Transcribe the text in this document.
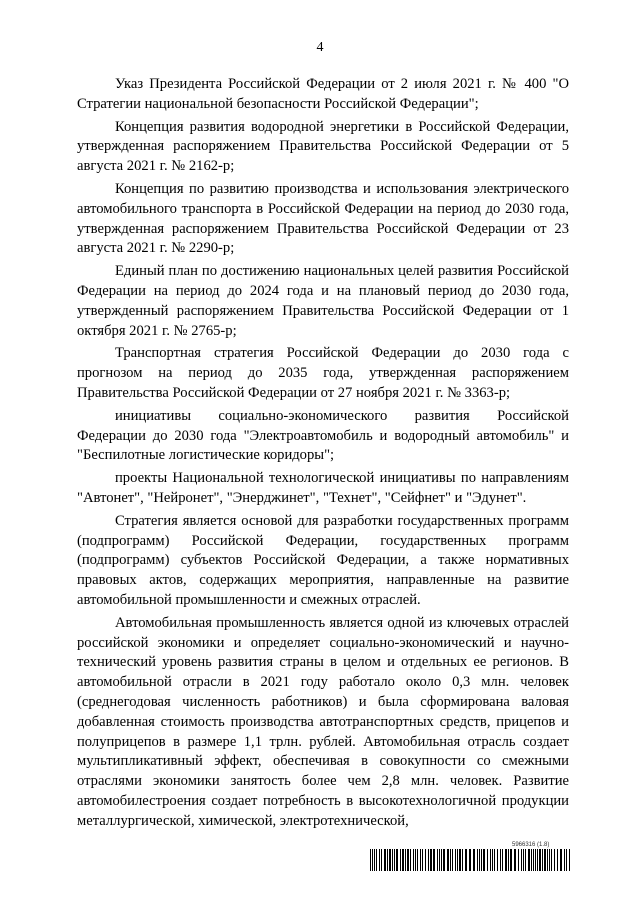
4

Указ Президента Российской Федерации от 2 июля 2021 г. № 400 "О Стратегии национальной безопасности Российской Федерации";

Концепция развития водородной энергетики в Российской Федерации, утвержденная распоряжением Правительства Российской Федерации от 5 августа 2021 г. № 2162-р;

Концепция по развитию производства и использования электрического автомобильного транспорта в Российской Федерации на период до 2030 года, утвержденная распоряжением Правительства Российской Федерации от 23 августа 2021 г. № 2290-р;

Единый план по достижению национальных целей развития Российской Федерации на период до 2024 года и на плановый период до 2030 года, утвержденный распоряжением Правительства Российской Федерации от 1 октября 2021 г. № 2765-р;

Транспортная стратегия Российской Федерации до 2030 года с прогнозом на период до 2035 года, утвержденная распоряжением Правительства Российской Федерации от 27 ноября 2021 г. № 3363-р;

инициативы социально-экономического развития Российской Федерации до 2030 года "Электроавтомобиль и водородный автомобиль" и "Беспилотные логистические коридоры";

проекты Национальной технологической инициативы по направлениям "Автонет", "Нейронет", "Энерджинет", "Технет", "Сейфнет" и "Эдунет".

Стратегия является основой для разработки государственных программ (подпрограмм) Российской Федерации, государственных программ (подпрограмм) субъектов Российской Федерации, а также нормативных правовых актов, содержащих мероприятия, направленные на развитие автомобильной промышленности и смежных отраслей.

Автомобильная промышленность является одной из ключевых отраслей российской экономики и определяет социально-экономический и научно-технический уровень развития страны в целом и отдельных ее регионов. В автомобильной отрасли в 2021 году работало около 0,3 млн. человек (среднегодовая численность работников) и была сформирована валовая добавленная стоимость производства автотранспортных средств, прицепов и полуприцепов в размере 1,1 трлн. рублей. Автомобильная отрасль создает мультипликативный эффект, обеспечивая в совокупности со смежными отраслями экономики занятость более чем 2,8 млн. человек. Развитие автомобилестроения создает потребность в высокотехнологичной продукции металлургической, химической, электротехнической,

5966316 (1.8)
